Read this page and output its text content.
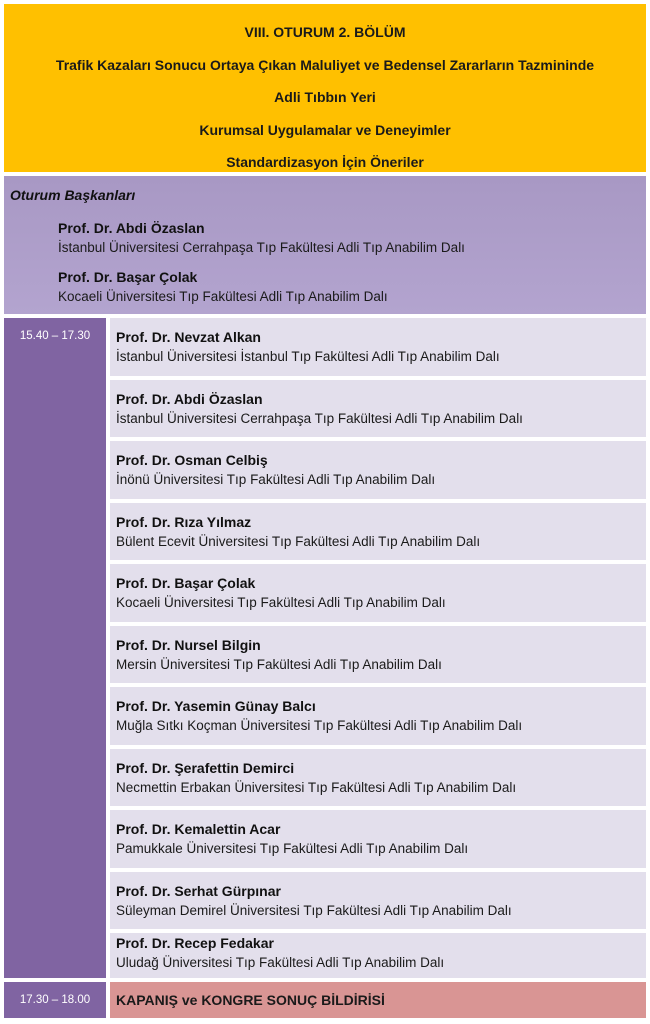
VIII. OTURUM 2. BÖLÜM
Trafik Kazaları Sonucu Ortaya Çıkan Maluliyet ve Bedensel Zararların Tazmininde
Adli Tıbbın Yeri
Kurumsal Uygulamalar ve Deneyimler
Standardizasyon İçin Öneriler
Oturum Başkanları
Prof. Dr. Abdi Özaslan
İstanbul Üniversitesi Cerrahpaşa Tıp Fakültesi Adli Tıp Anabilim Dalı
Prof. Dr. Başar Çolak
Kocaeli Üniversitesi Tıp Fakültesi Adli Tıp Anabilim Dalı
15.40 – 17.30	Prof. Dr. Nevzat Alkan
İstanbul Üniversitesi İstanbul Tıp Fakültesi Adli Tıp Anabilim Dalı
Prof. Dr. Abdi Özaslan
İstanbul Üniversitesi Cerrahpaşa Tıp Fakültesi Adli Tıp Anabilim Dalı
Prof. Dr. Osman Celbiş
İnönü Üniversitesi Tıp Fakültesi Adli Tıp Anabilim Dalı
Prof. Dr. Rıza Yılmaz
Bülent Ecevit Üniversitesi Tıp Fakültesi Adli Tıp Anabilim Dalı
Prof. Dr. Başar Çolak
Kocaeli Üniversitesi Tıp Fakültesi Adli Tıp Anabilim Dalı
Prof. Dr. Nursel Bilgin
Mersin Üniversitesi Tıp Fakültesi Adli Tıp Anabilim Dalı
Prof. Dr. Yasemin Günay Balcı
Muğla Sıtkı Koçman Üniversitesi Tıp Fakültesi Adli Tıp Anabilim Dalı
Prof. Dr. Şerafettin Demirci
Necmettin Erbakan Üniversitesi Tıp Fakültesi Adli Tıp Anabilim Dalı
Prof. Dr. Kemalettin Acar
Pamukkale Üniversitesi Tıp Fakültesi Adli Tıp Anabilim Dalı
Prof. Dr. Serhat Gürpınar
Süleyman Demirel Üniversitesi Tıp Fakültesi Adli Tıp Anabilim Dalı
Prof. Dr. Recep Fedakar
Uludağ Üniversitesi Tıp Fakültesi Adli Tıp Anabilim Dalı
17.30 – 18.00	KAPANIŞ ve KONGRE SONUÇ BİLDİRİSİ
